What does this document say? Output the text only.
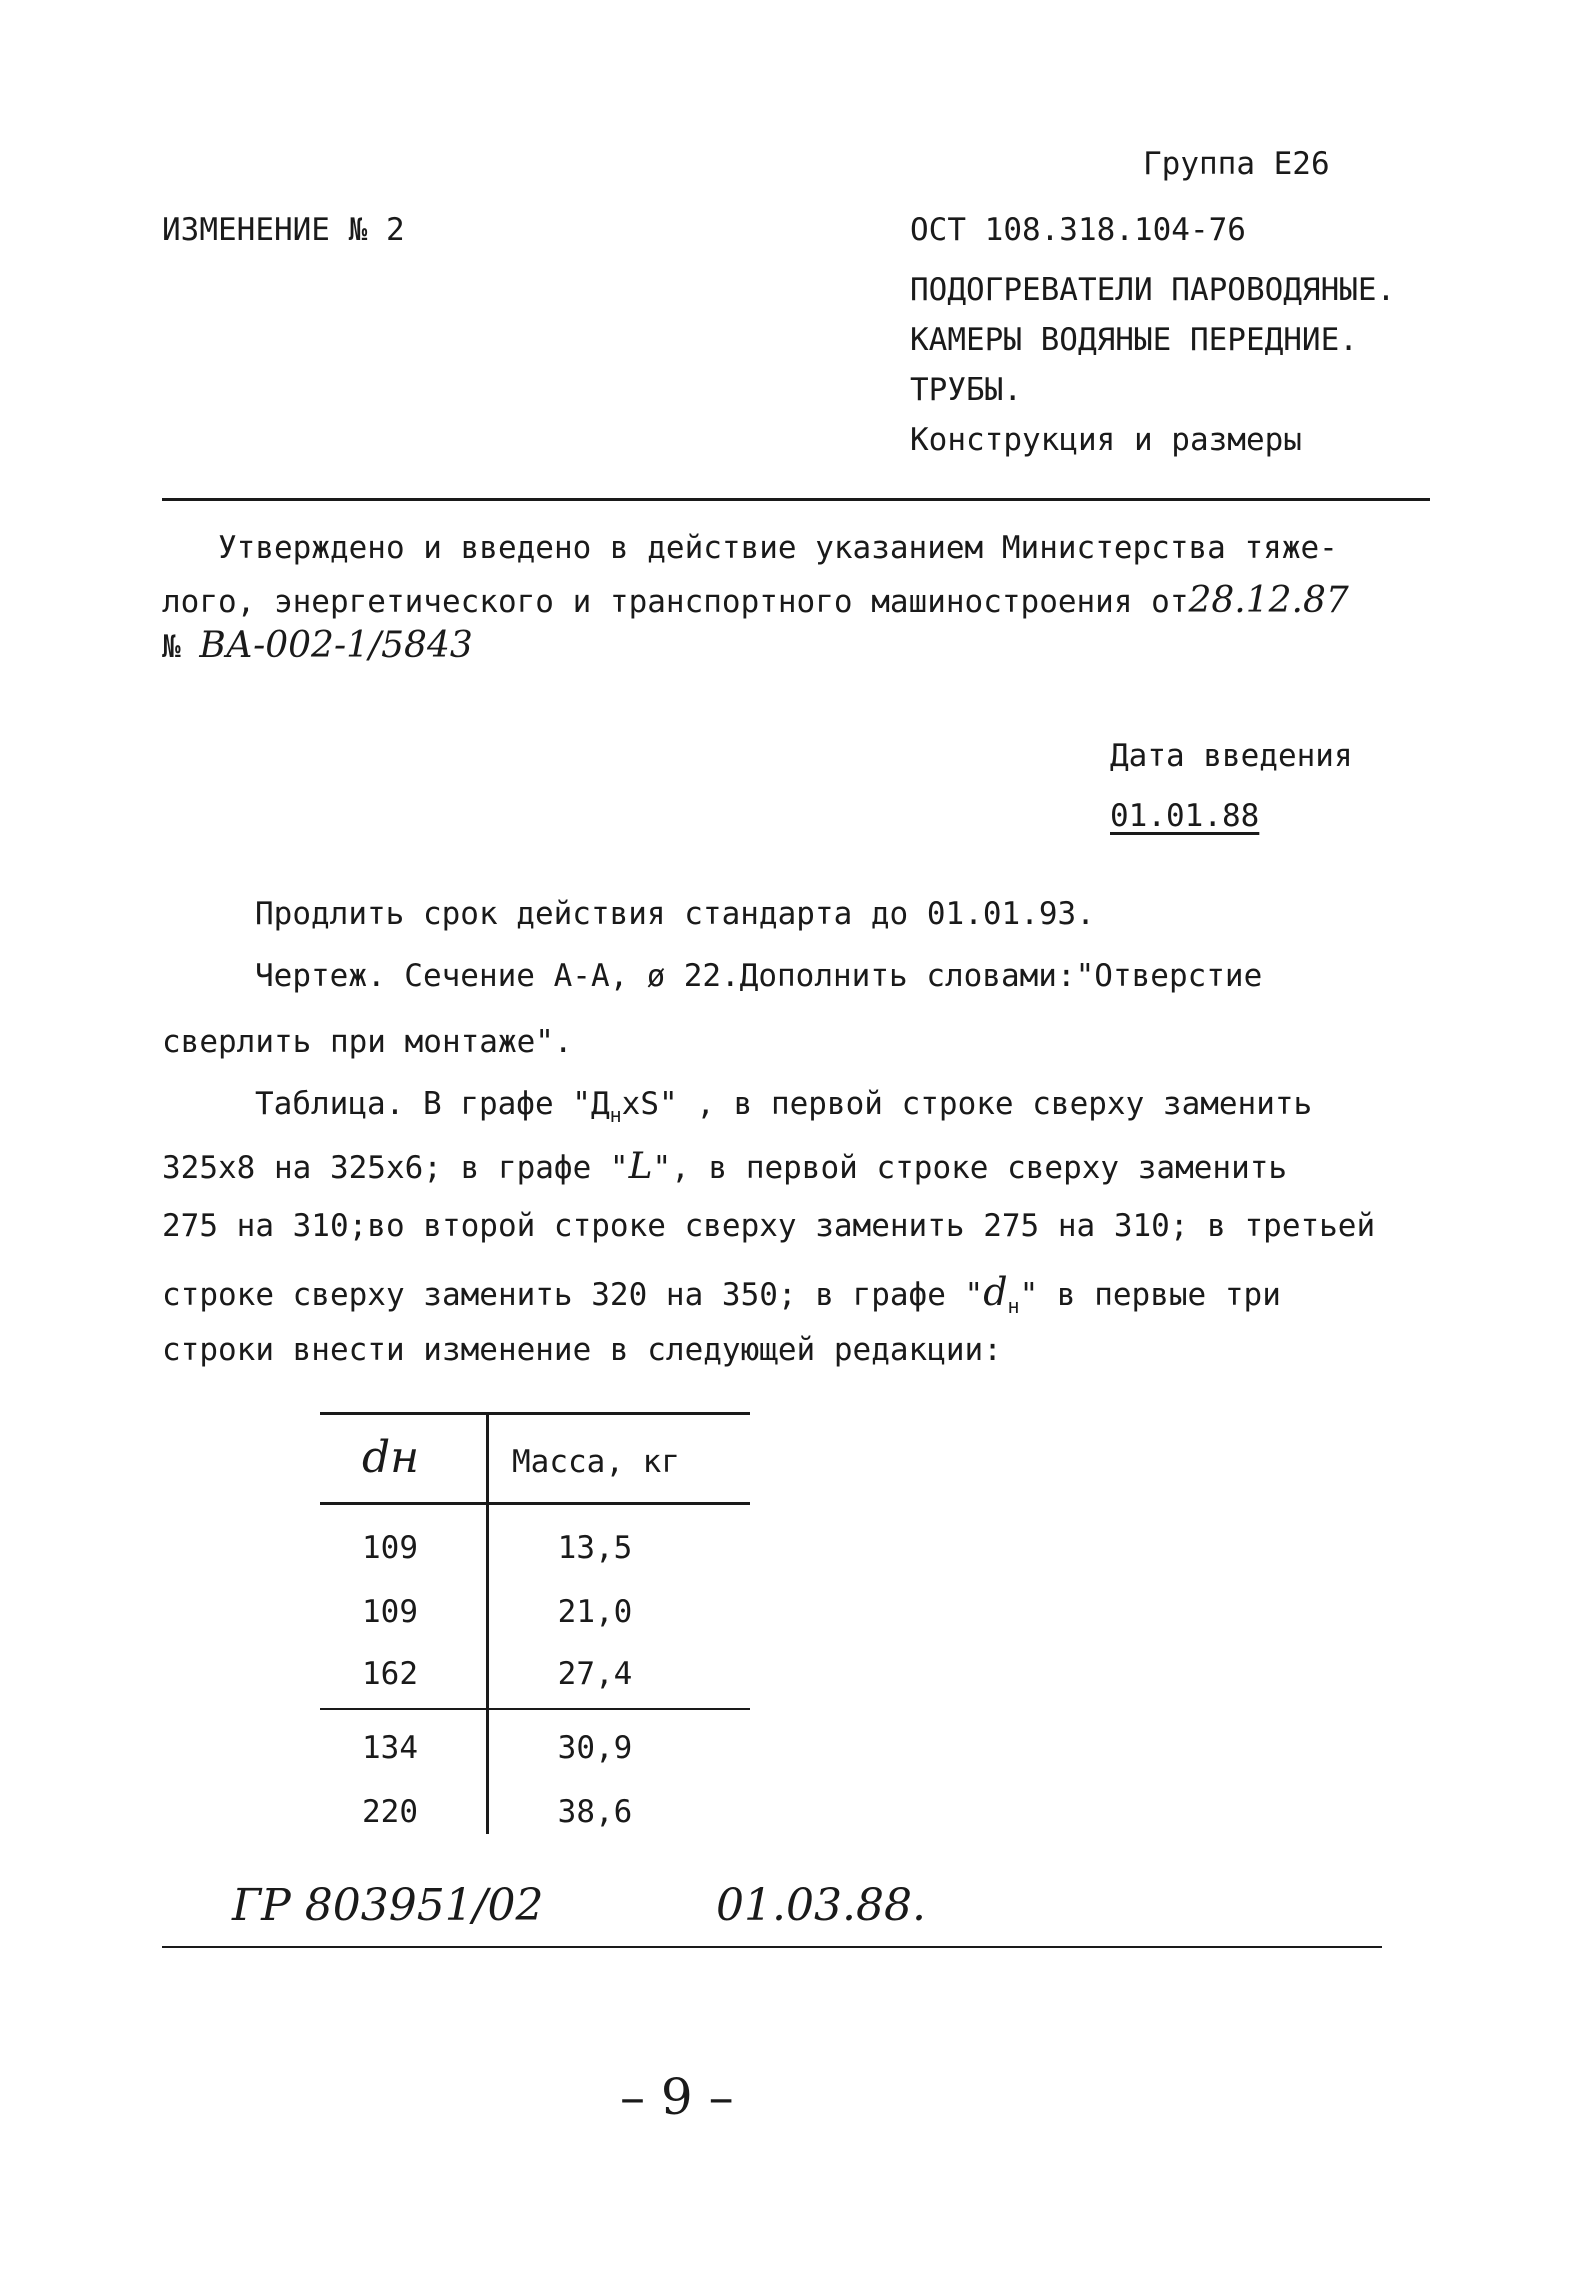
Группа Е26
ИЗМЕНЕНИЕ № 2	ОСТ 108.318.104-76
ПОДОГРЕВАТЕЛИ ПАРОВОДЯНЫЕ.
КАМЕРЫ ВОДЯНЫЕ ПЕРЕДНИЕ.
ТРУБЫ.
Конструкция и размеры
Утверждено и введено в действие указанием Министерства тяже-
лого, энергетического и транспортного машиностроения от28.12.87
№ ВА-002-1/5843
Дата введения
01.01.88
Продлить срок действия стандарта до 01.01.93.
Чертеж. Сечение А-А, ø 22.Дополнить словами:"Отверстие
сверлить при монтаже".
Таблица. В графе "$Д_нxS$" , в первой строке сверху заменить
325х8 на 325х6; в графе "L", в первой строке сверху заменить
275 на 310;во второй строке сверху заменить 275 на 310; в третьей
строке сверху заменить 320 на 350; в графе "$d_н$" в первые три
строки внести изменение в следующей редакции:
dн	Масса, кг
109	13,5
109	21,0
162	27,4
134	30,9
220	38,6
ГР 803951/02	01.03.88.
– 9 –
